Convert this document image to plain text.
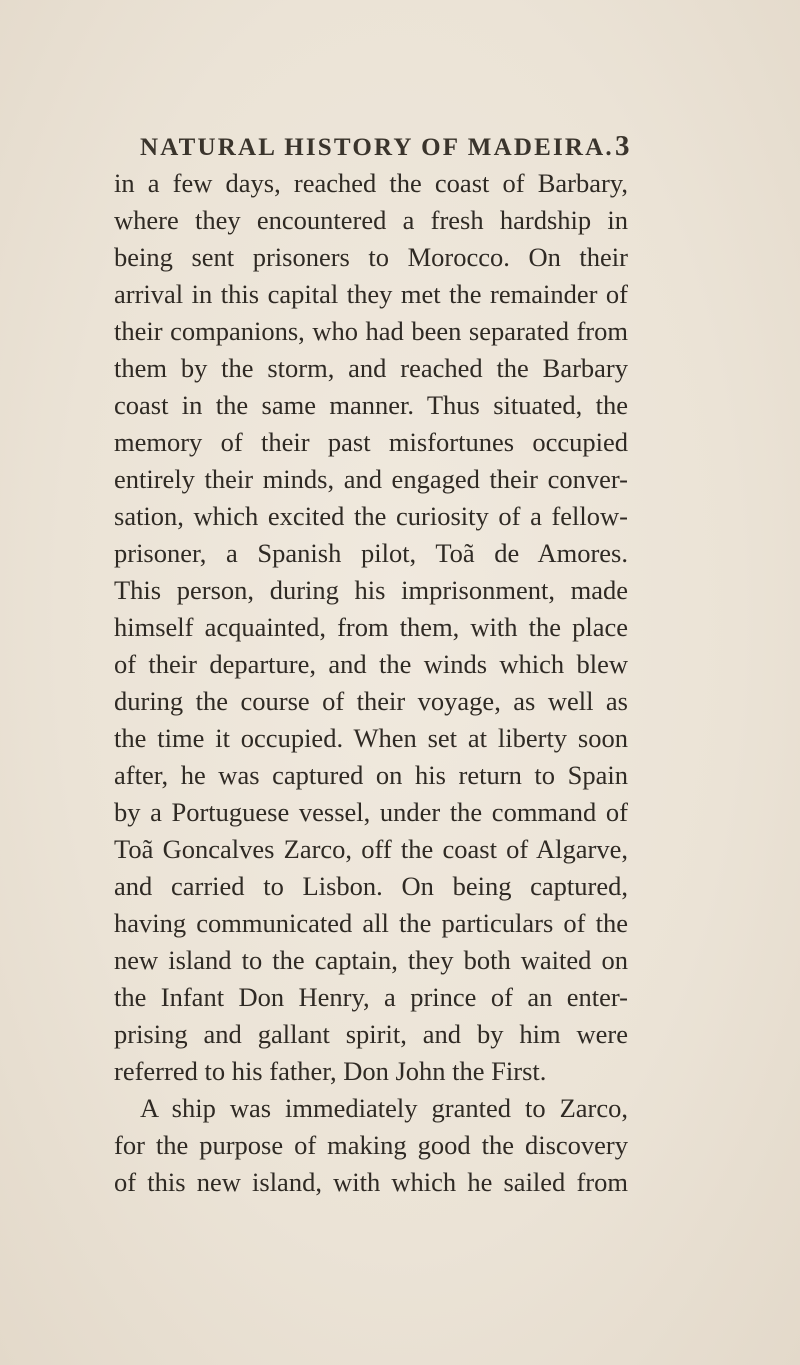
NATURAL HISTORY OF MADEIRA. 3
in a few days, reached the coast of Barbary,
where they encountered a fresh hardship in
being sent prisoners to Morocco. On their
arrival in this capital they met the remainder of
their companions, who had been separated from
them by the storm, and reached the Barbary
coast in the same manner. Thus situated, the
memory of their past misfortunes occupied
entirely their minds, and engaged their conver-
sation, which excited the curiosity of a fellow-
prisoner, a Spanish pilot, Toã de Amores.
This person, during his imprisonment, made
himself acquainted, from them, with the place
of their departure, and the winds which blew
during the course of their voyage, as well as
the time it occupied. When set at liberty soon
after, he was captured on his return to Spain
by a Portuguese vessel, under the command of
Toã Goncalves Zarco, off the coast of Algarve,
and carried to Lisbon. On being captured,
having communicated all the particulars of the
new island to the captain, they both waited on
the Infant Don Henry, a prince of an enter-
prising and gallant spirit, and by him were
referred to his father, Don John the First.
A ship was immediately granted to Zarco,
for the purpose of making good the discovery
of this new island, with which he sailed from
